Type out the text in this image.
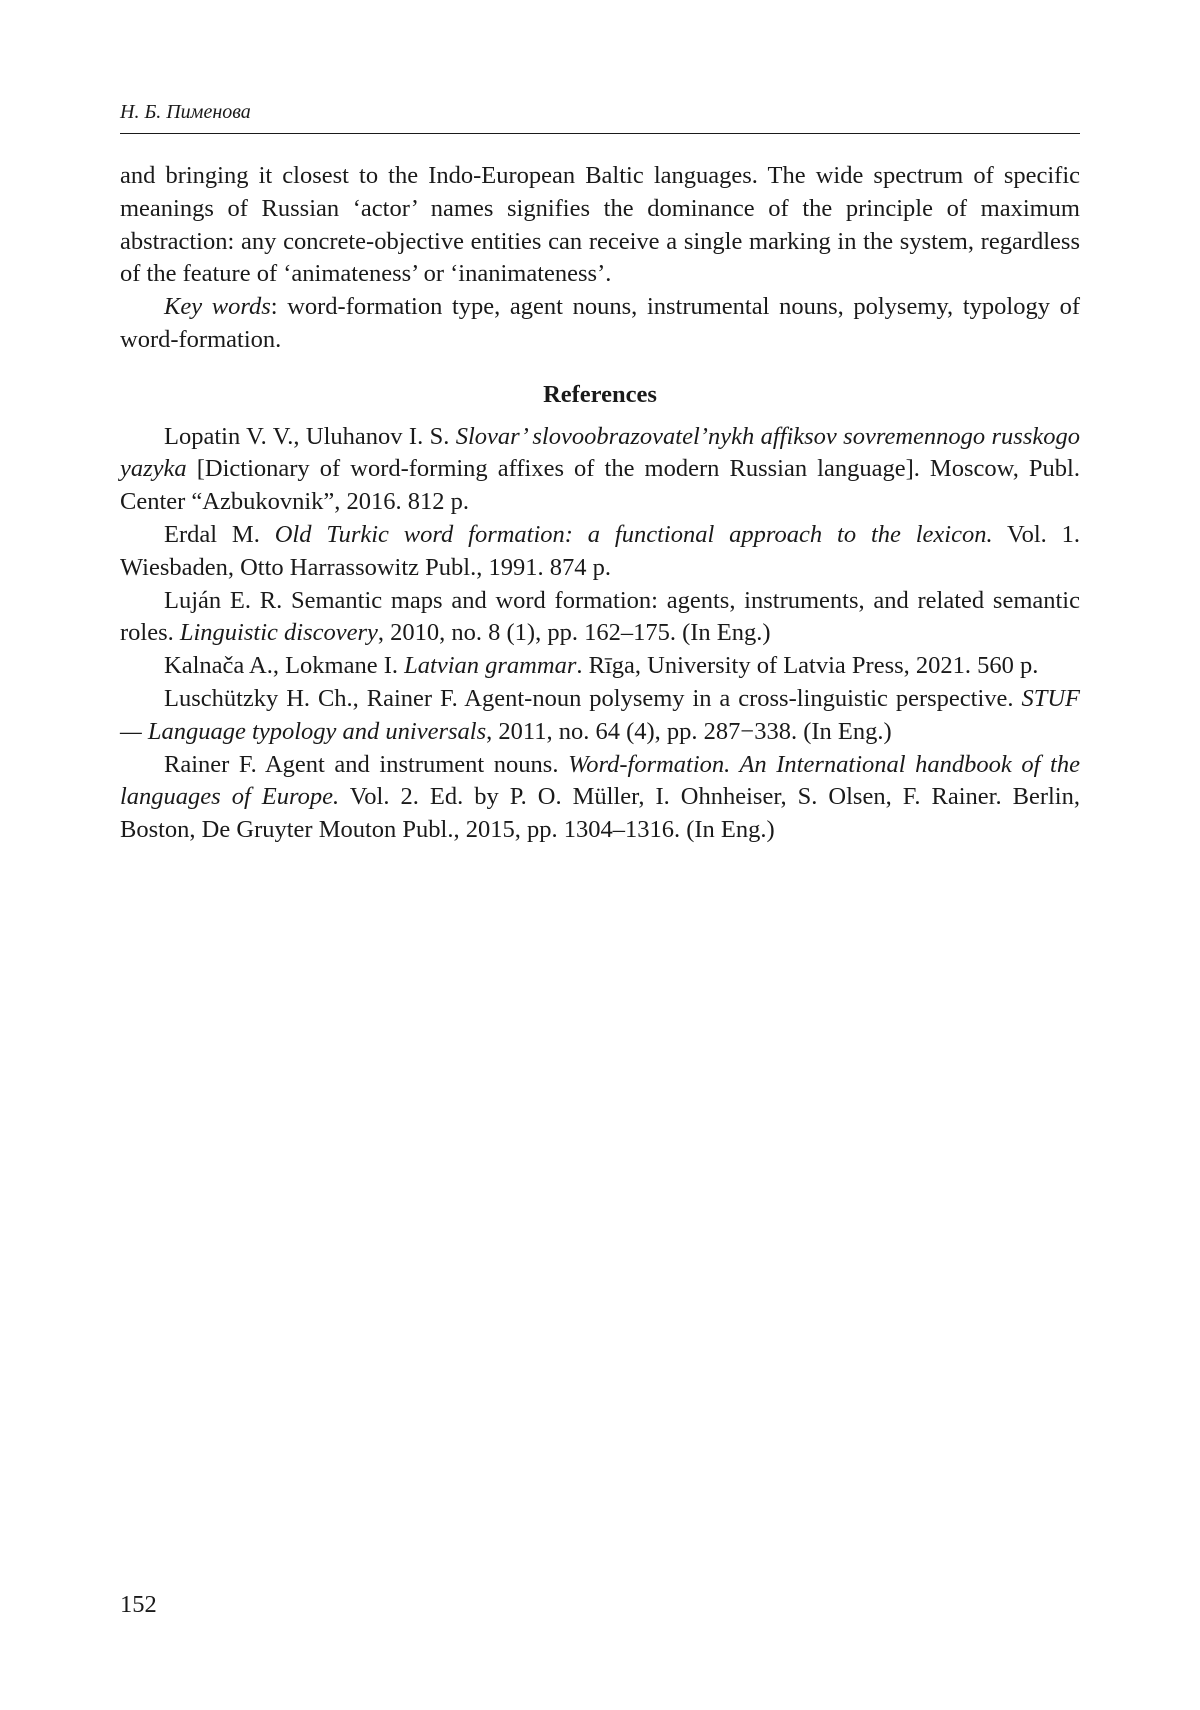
Н. Б. Пименова

and bringing it closest to the Indo-European Baltic languages. The wide spectrum of specific meanings of Russian ‘actor’ names signifies the dominance of the principle of maximum abstraction: any concrete-objective entities can receive a single marking in the system, regardless of the feature of ‘animateness’ or ‘inanimateness’.

Key words: word-formation type, agent nouns, instrumental nouns, polysemy, typology of word-formation.

References

Lopatin V. V., Uluhanov I. S. Slovar’ slovoobrazovatel’nykh affiksov sovremennogo russkogo yazyka [Dictionary of word-forming affixes of the modern Russian language]. Moscow, Publ. Center “Azbukovnik”, 2016. 812 p.

Erdal M. Old Turkic word formation: a functional approach to the lexicon. Vol. 1. Wiesbaden, Otto Harrassowitz Publ., 1991. 874 p.

Luján E. R. Semantic maps and word formation: agents, instruments, and related semantic roles. Linguistic discovery, 2010, no. 8 (1), pp. 162–175. (In Eng.)

Kalnača A., Lokmane I. Latvian grammar. Rīga, University of Latvia Press, 2021. 560 p.

Luschützky H. Ch., Rainer F. Agent-noun polysemy in a cross-linguistic perspective. STUF — Language typology and universals, 2011, no. 64 (4), pp. 287−338. (In Eng.)

Rainer F. Agent and instrument nouns. Word-formation. An International handbook of the languages of Europe. Vol. 2. Ed. by P. O. Müller, I. Ohnheiser, S. Olsen, F. Rainer. Berlin, Boston, De Gruyter Mouton Publ., 2015, pp. 1304–1316. (In Eng.)

152
